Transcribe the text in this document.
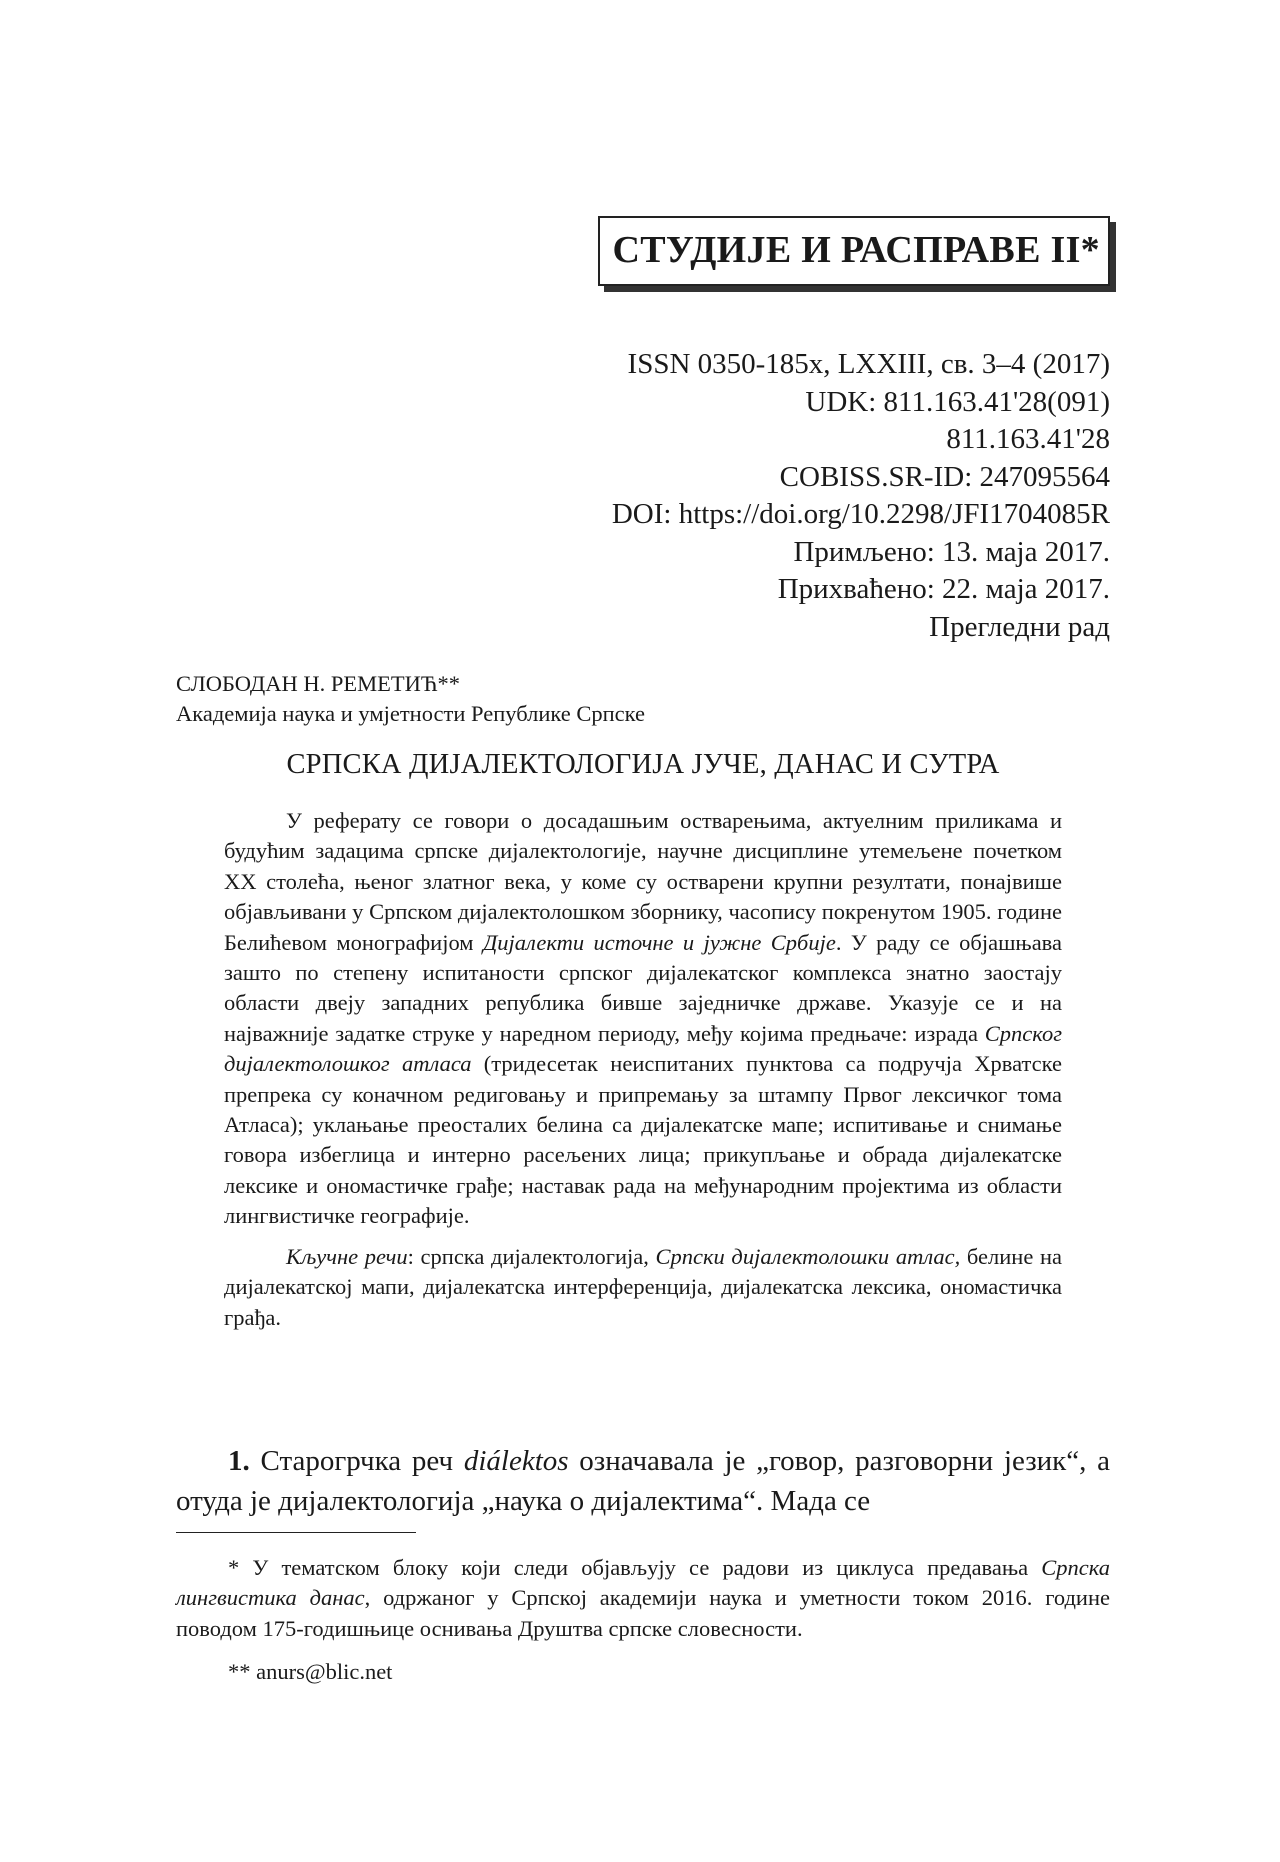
СТУДИЈЕ И РАСПРАВЕ II*
ISSN 0350-185x, LXXIII, св. 3–4 (2017)
UDK: 811.163.41'28(091)
811.163.41'28
COBISS.SR-ID: 247095564
DOI: https://doi.org/10.2298/JFI1704085R
Примљено: 13. маја 2017.
Прихваћено: 22. маја 2017.
Прегледни рад
СЛОБОДАН Н. РЕМЕТИЋ**
Академија наука и умјетности Републике Српске
СРПСКА ДИЈАЛЕКТОЛОГИЈА ЈУЧЕ, ДАНАС И СУТРА

У реферату се говори о досадашњим остварењима, актуелним приликама и будућим задацима српске дијалектологије, научне дисциплине утемељене почетком XX столећа, њеног златног века, у коме су остварени крупни резултати, понајвише објављивани у Српском дијалектолошком зборнику, часопису покренутом 1905. године Белићевом монографијом Дијалекти источне и јужне Србије. У раду се објашњава зашто по степену испитаности српског дијалекатског комплекса знатно заостају области двеју западних република бивше заједничке државе. Указује се и на најважније задатке струке у наредном периоду, међу којима предњаче: израда Српског дијалектолошког атласа (тридесетак неиспитаних пунктова са подручја Хрватске препрека су коначном редиговању и припремању за штампу Првог лексичког тома Атласа); уклањање преосталих белина са дијалекатске мапе; испитивање и снимање говора избеглица и интерно расељених лица; прикупљање и обрада дијалекатске лексике и ономастичке грађе; наставак рада на међународним пројектима из области лингвистичке географије.

Кључне речи: српска дијалектологија, Српски дијалектолошки атлас, белине на дијалекатској мапи, дијалекатска интерференција, дијалекатска лексика, ономастичка грађа.

1. Старогрчка реч diálektos означавала је „говор, разговорни језик“, а отуда је дијалектологија „наука о дијалектима“. Мада се

* У тематском блоку који следи објављују се радови из циклуса предавања Српска лингвистика данас, одржаног у Српској академији наука и уметности током 2016. године поводом 175-годишњице оснивања Друштва српске словесности.

** anurs@blic.net
